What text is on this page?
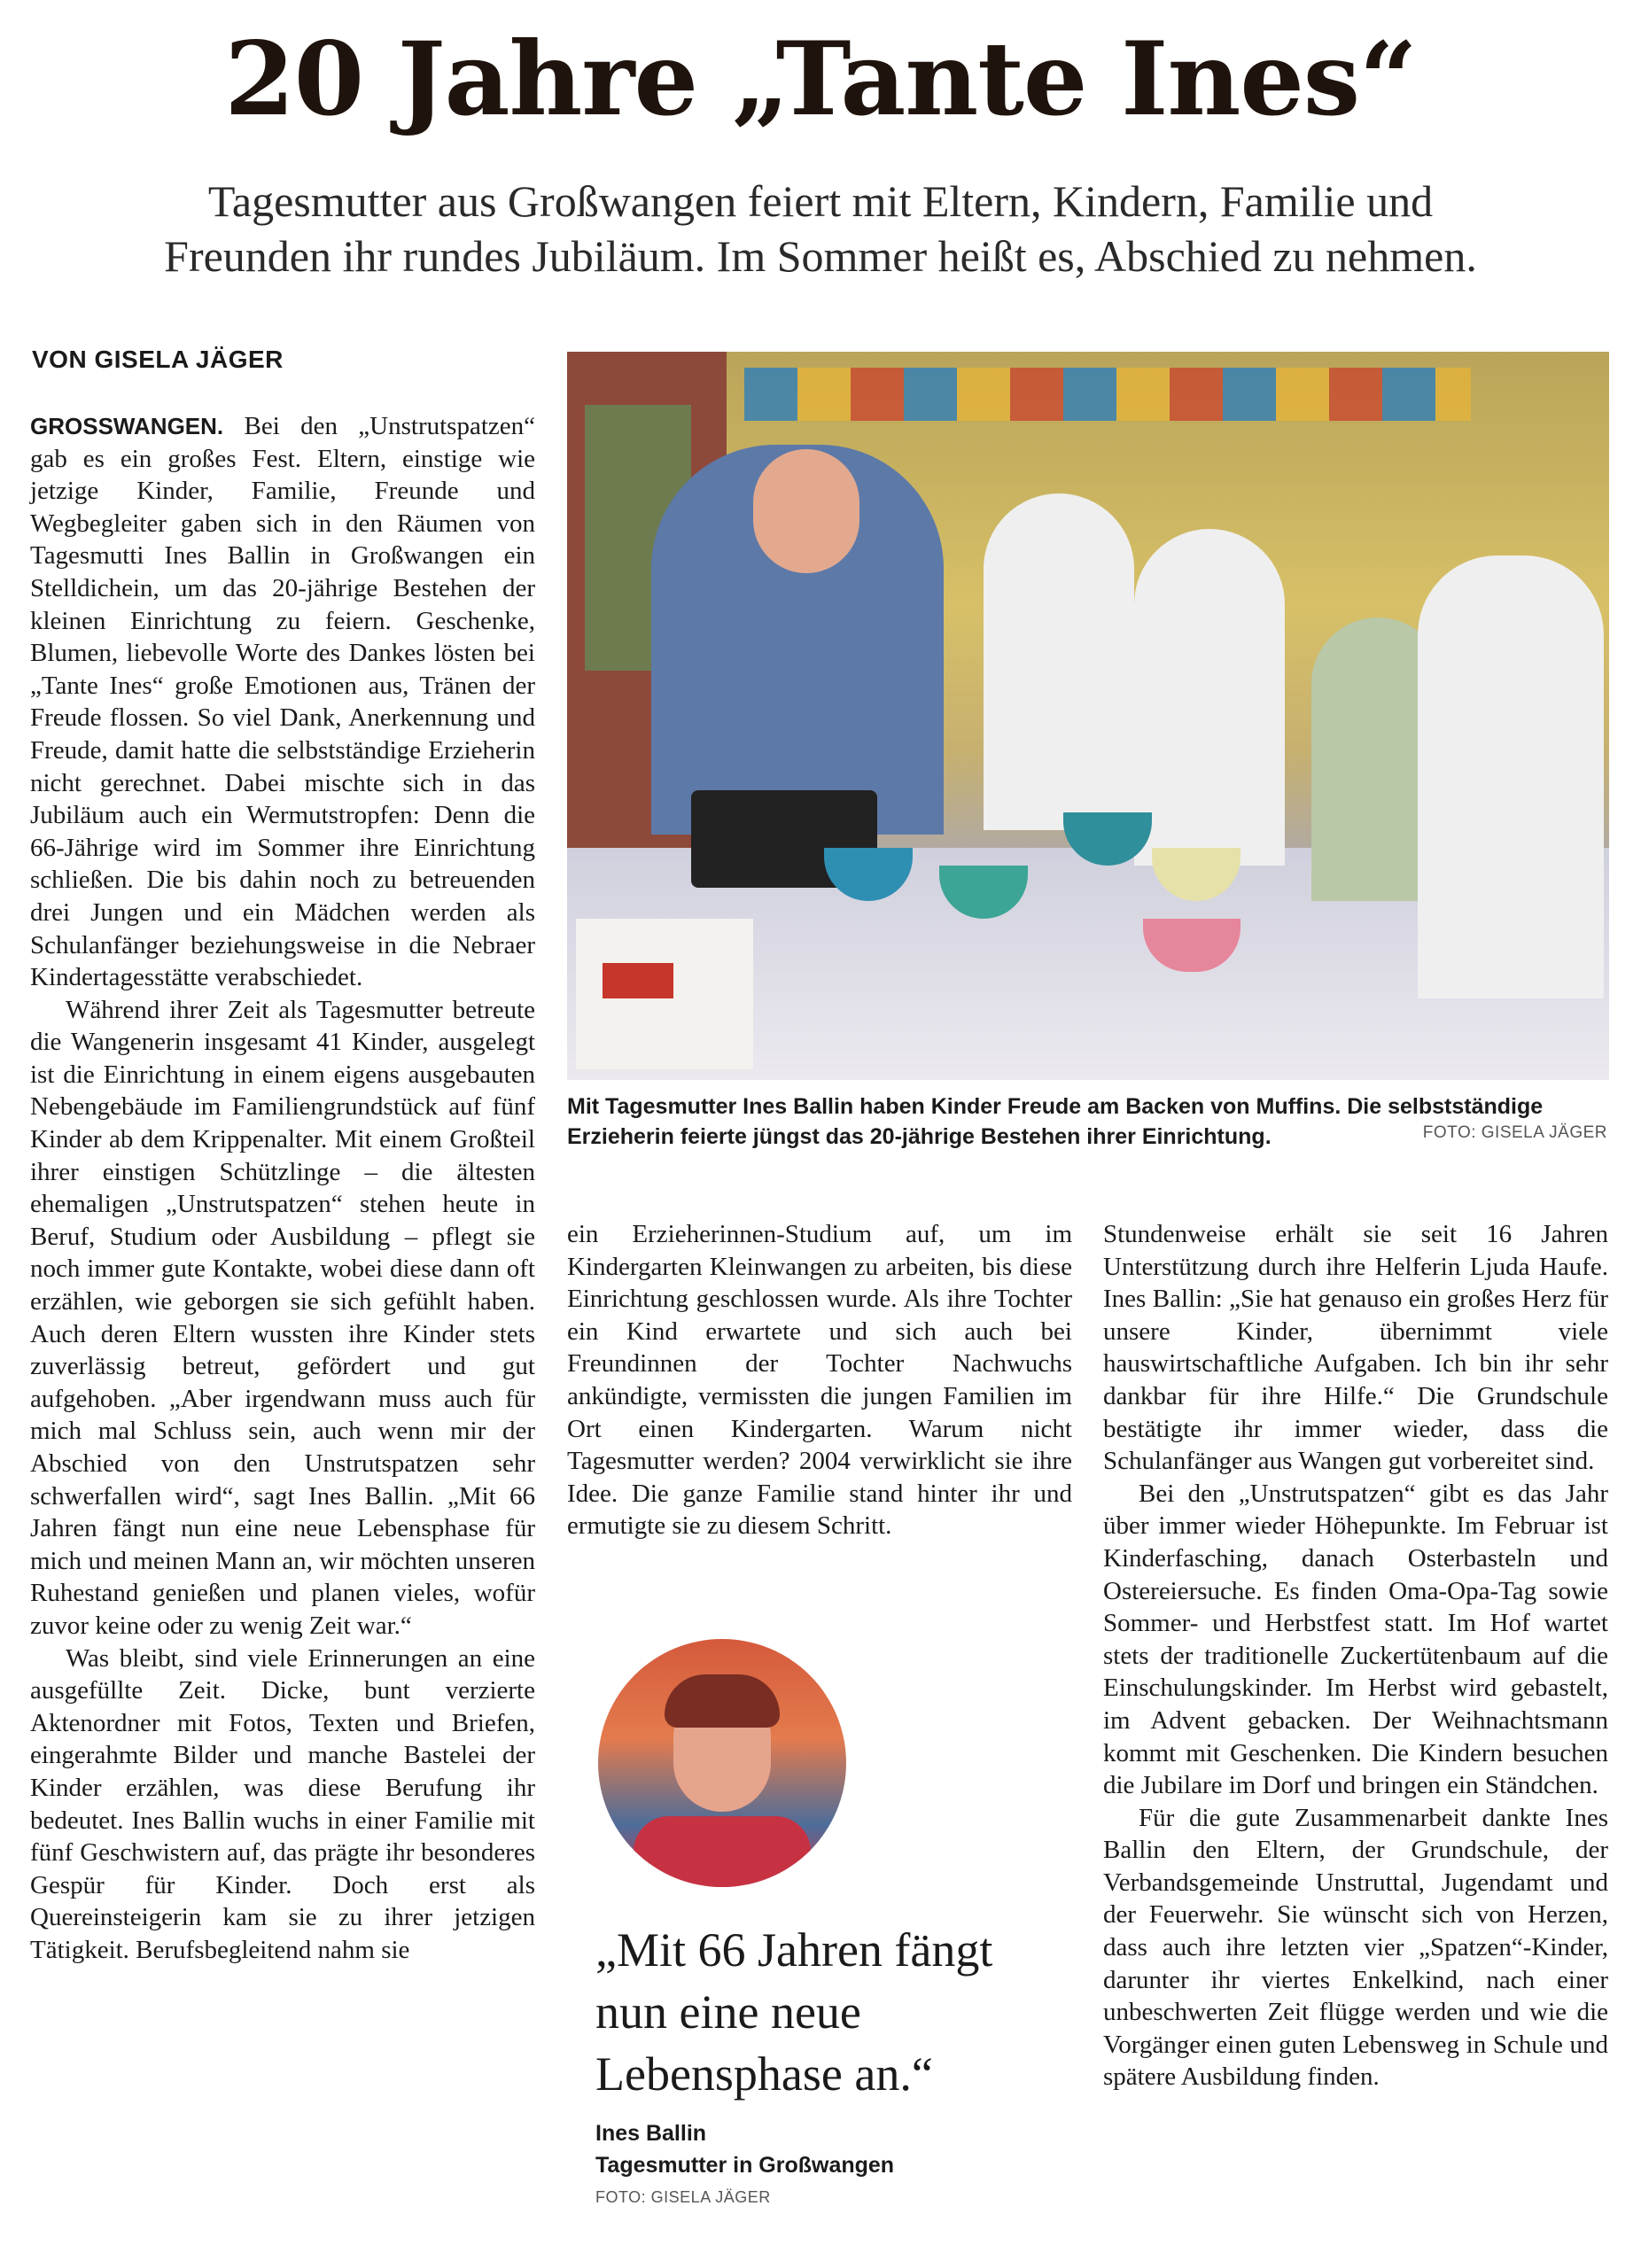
20 Jahre „Tante Ines“
Tagesmutter aus Großwangen feiert mit Eltern, Kindern, Familie und
Freunden ihr rundes Jubiläum. Im Sommer heißt es, Abschied zu nehmen.
VON GISELA JÄGER

GROSSWANGEN. Bei den „Unstrutspatzen“ gab es ein großes Fest. Eltern, einstige wie jetzige Kinder, Familie, Freunde und Wegbegleiter gaben sich in den Räumen von Tagesmutti Ines Ballin in Großwangen ein Stelldichein, um das 20-jährige Bestehen der kleinen Einrichtung zu feiern. Geschenke, Blumen, liebevolle Worte des Dankes lösten bei „Tante Ines“ große Emotionen aus, Tränen der Freude flossen. So viel Dank, Anerkennung und Freude, damit hatte die selbstständige Erzieherin nicht gerechnet. Dabei mischte sich in das Jubiläum auch ein Wermutstropfen: Denn die 66-Jährige wird im Sommer ihre Einrichtung schließen. Die bis dahin noch zu betreuenden drei Jungen und ein Mädchen werden als Schulanfänger beziehungsweise in die Nebraer Kindertagesstätte verabschiedet.

Während ihrer Zeit als Tagesmutter betreute die Wangenerin insgesamt 41 Kinder, ausgelegt ist die Einrichtung in einem eigens ausgebauten Nebengebäude im Familiengrundstück auf fünf Kinder ab dem Krippenalter. Mit einem Großteil ihrer einstigen Schützlinge – die ältesten ehemaligen „Unstrutspatzen“ stehen heute in Beruf, Studium oder Ausbildung – pflegt sie noch immer gute Kontakte, wobei diese dann oft erzählen, wie geborgen sie sich gefühlt haben. Auch deren Eltern wussten ihre Kinder stets zuverlässig betreut, gefördert und gut aufgehoben. „Aber irgendwann muss auch für mich mal Schluss sein, auch wenn mir der Abschied von den Unstrutspatzen sehr schwerfallen wird“, sagt Ines Ballin. „Mit 66 Jahren fängt nun eine neue Lebensphase für mich und meinen Mann an, wir möchten unseren Ruhestand genießen und planen vieles, wofür zuvor keine oder zu wenig Zeit war.“

Was bleibt, sind viele Erinnerungen an eine ausgefüllte Zeit. Dicke, bunt verzierte Aktenordner mit Fotos, Texten und Briefen, eingerahmte Bilder und manche Bastelei der Kinder erzählen, was diese Berufung ihr bedeutet. Ines Ballin wuchs in einer Familie mit fünf Geschwistern auf, das prägte ihr besonderes Gespür für Kinder. Doch erst als Quereinsteigerin kam sie zu ihrer jetzigen Tätigkeit. Berufsbegleitend nahm sie

Mit Tagesmutter Ines Ballin haben Kinder Freude am Backen von Muffins. Die selbstständige
Erzieherin feierte jüngst das 20-jährige Bestehen ihrer Einrichtung.	FOTO: GISELA JÄGER

ein Erzieherinnen-Studium auf, um im Kindergarten Kleinwangen zu arbeiten, bis diese Einrichtung geschlossen wurde. Als ihre Tochter ein Kind erwartete und sich auch bei Freundinnen der Tochter Nachwuchs ankündigte, vermissten die jungen Familien im Ort einen Kindergarten. Warum nicht Tagesmutter werden? 2004 verwirklicht sie ihre Idee. Die ganze Familie stand hinter ihr und ermutigte sie zu diesem Schritt.

„Mit 66 Jahren fängt
nun eine neue
Lebensphase an.“
Ines Ballin
Tagesmutter in Großwangen
FOTO: GISELA JÄGER

Stundenweise erhält sie seit 16 Jahren Unterstützung durch ihre Helferin Ljuda Haufe. Ines Ballin: „Sie hat genauso ein großes Herz für unsere Kinder, übernimmt viele hauswirtschaftliche Aufgaben. Ich bin ihr sehr dankbar für ihre Hilfe.“ Die Grundschule bestätigte ihr immer wieder, dass die Schulanfänger aus Wangen gut vorbereitet sind.

Bei den „Unstrutspatzen“ gibt es das Jahr über immer wieder Höhepunkte. Im Februar ist Kinderfasching, danach Osterbasteln und Ostereiersuche. Es finden Oma-Opa-Tag sowie Sommer- und Herbstfest statt. Im Hof wartet stets der traditionelle Zuckertütenbaum auf die Einschulungskinder. Im Herbst wird gebastelt, im Advent gebacken. Der Weihnachtsmann kommt mit Geschenken. Die Kindern besuchen die Jubilare im Dorf und bringen ein Ständchen.

Für die gute Zusammenarbeit dankte Ines Ballin den Eltern, der Grundschule, der Verbandsgemeinde Unstruttal, Jugendamt und der Feuerwehr. Sie wünscht sich von Herzen, dass auch ihre letzten vier „Spatzen“-Kinder, darunter ihr viertes Enkelkind, nach einer unbeschwerten Zeit flügge werden und wie die Vorgänger einen guten Lebensweg in Schule und spätere Ausbildung finden.
